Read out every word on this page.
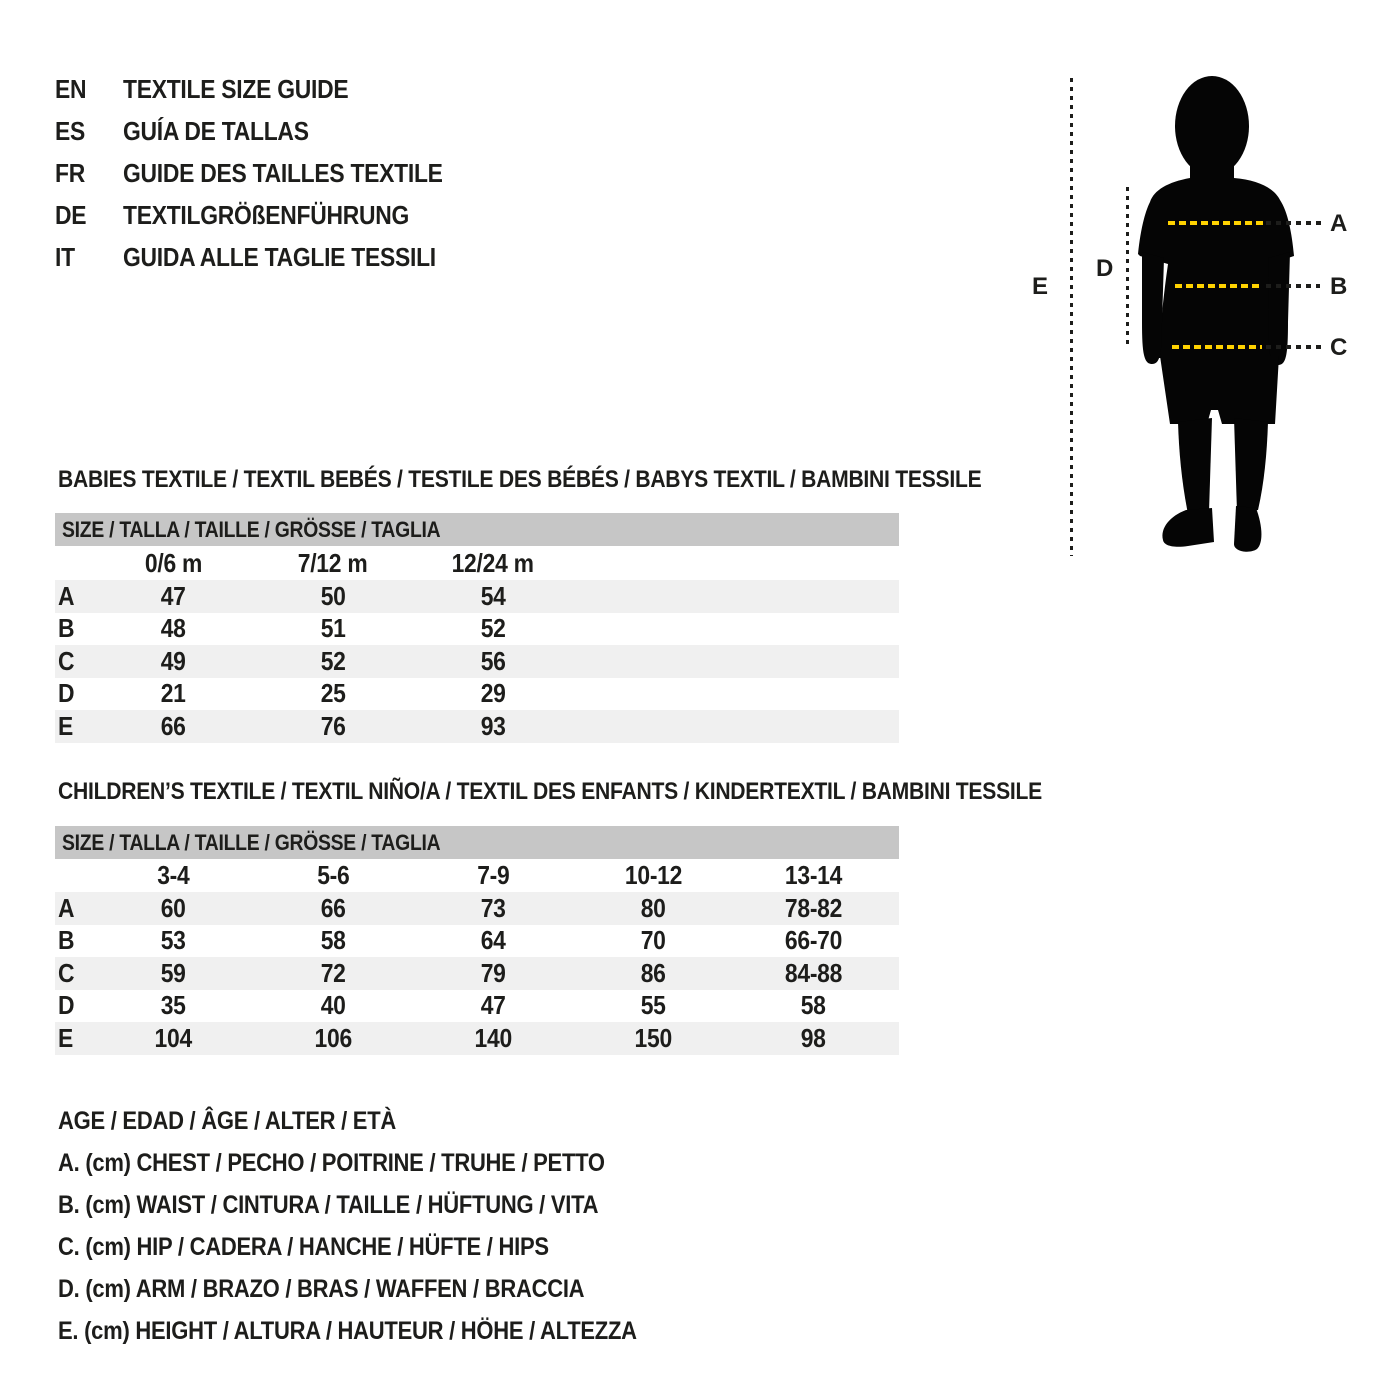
EN	TEXTILE SIZE GUIDE
ES	GUÍA DE TALLAS
FR	GUIDE DES TAILLES TEXTILE
DE	TEXTILGRÖßENFÜHRUNG
IT	GUIDA ALLE TAGLIE TESSILI
E
D
A
B
C
BABIES TEXTILE / TEXTIL BEBÉS / TESTILE DES BÉBÉS / BABYS TEXTIL / BAMBINI TESSILE
SIZE / TALLA / TAILLE / GRÖSSE / TAGLIA
0/6 m	7/12 m	12/24 m
A	47	50	54
B	48	51	52
C	49	52	56
D	21	25	29
E	66	76	93
CHILDREN’S TEXTILE / TEXTIL NIÑO/A / TEXTIL DES ENFANTS / KINDERTEXTIL / BAMBINI TESSILE
SIZE / TALLA / TAILLE / GRÖSSE / TAGLIA
3-4	5-6	7-9	10-12	13-14
A	60	66	73	80	78-82
B	53	58	64	70	66-70
C	59	72	79	86	84-88
D	35	40	47	55	58
E	104	106	140	150	98
AGE / EDAD / ÂGE / ALTER / ETÀ
A. (cm) CHEST / PECHO / POITRINE / TRUHE / PETTO
B. (cm) WAIST / CINTURA / TAILLE / HÜFTUNG / VITA
C. (cm) HIP / CADERA / HANCHE / HÜFTE / HIPS
D. (cm) ARM / BRAZO / BRAS / WAFFEN / BRACCIA
E. (cm) HEIGHT / ALTURA / HAUTEUR / HÖHE / ALTEZZA
